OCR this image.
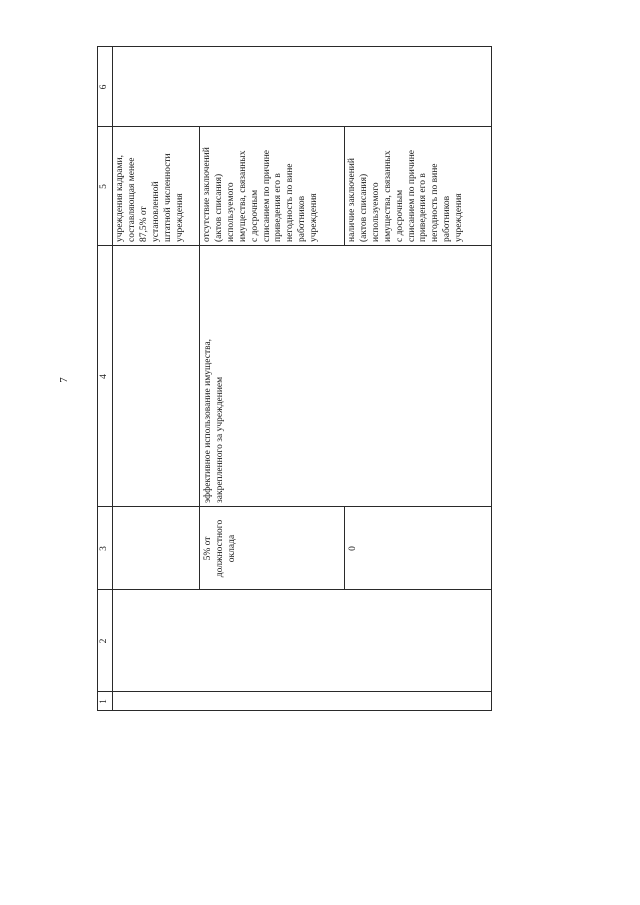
7
1
2
3
4
5
6
учреждения кадрами, составляющая менее 87,5% от установленной штатной численности учреждения
5% от должностного оклада
эффективное использование имущества, закрепленного за учреждением
отсутствие заключений (актов списания) используемого имущества, связанных с досрочным списанием по причине приведения его в негодность по вине работников учреждения
0
наличие заключений (актов списания) используемого имущества, связанных с досрочным списанием по причине приведения его в негодность по вине работников учреждения
